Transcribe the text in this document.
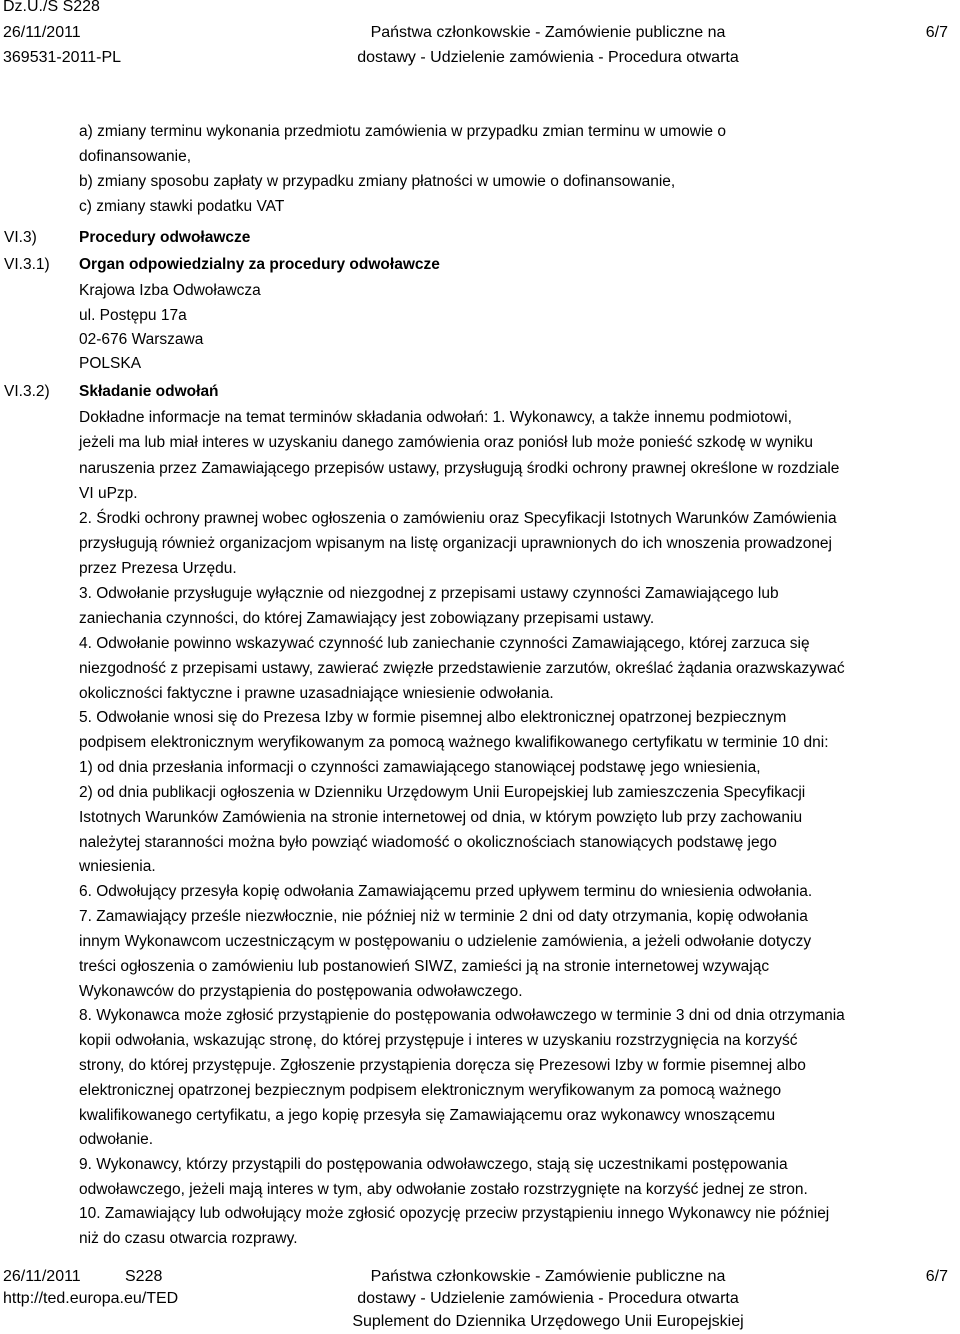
Dz.U./S S228
26/11/2011
369531-2011-PL
Państwa członkowskie - Zamówienie publiczne na
dostawy - Udzielenie zamówienia - Procedura otwarta
6/7
VI.3)
VI.3.1)
VI.3.2)
a) zmiany terminu wykonania przedmiotu zamówienia w przypadku zmian terminu w umowie o
dofinansowanie,
b) zmiany sposobu zapłaty w przypadku zmiany płatności w umowie o dofinansowanie,
c) zmiany stawki podatku VAT
Procedury odwoławcze
Organ odpowiedzialny za procedury odwoławcze
Krajowa Izba Odwoławcza
ul. Postępu 17a
02-676 Warszawa
POLSKA
Składanie odwołań
Dokładne informacje na temat terminów składania odwołań: 1. Wykonawcy, a także innemu podmiotowi,
jeżeli ma lub miał interes w uzyskaniu danego zamówienia oraz poniósł lub może ponieść szkodę w wyniku
naruszenia przez Zamawiającego przepisów ustawy, przysługują środki ochrony prawnej określone w rozdziale
VI uPzp.
2. Środki ochrony prawnej wobec ogłoszenia o zamówieniu oraz Specyfikacji Istotnych Warunków Zamówienia
przysługują również organizacjom wpisanym na listę organizacji uprawnionych do ich wnoszenia prowadzonej
przez Prezesa Urzędu.
3. Odwołanie przysługuje wyłącznie od niezgodnej z przepisami ustawy czynności Zamawiającego lub
zaniechania czynności, do której Zamawiający jest zobowiązany przepisami ustawy.
4. Odwołanie powinno wskazywać czynność lub zaniechanie czynności Zamawiającego, której zarzuca się
niezgodność z przepisami ustawy, zawierać zwięzłe przedstawienie zarzutów, określać żądania orazwskazywać
okoliczności faktyczne i prawne uzasadniające wniesienie odwołania.
5. Odwołanie wnosi się do Prezesa Izby w formie pisemnej albo elektronicznej opatrzonej bezpiecznym
podpisem elektronicznym weryfikowanym za pomocą ważnego kwalifikowanego certyfikatu w terminie 10 dni:
1) od dnia przesłania informacji o czynności zamawiającego stanowiącej podstawę jego wniesienia,
2) od dnia publikacji ogłoszenia w Dzienniku Urzędowym Unii Europejskiej lub zamieszczenia Specyfikacji
Istotnych Warunków Zamówienia na stronie internetowej od dnia, w którym powzięto lub przy zachowaniu
należytej staranności można było powziąć wiadomość o okolicznościach stanowiących podstawę jego
wniesienia.
6. Odwołujący przesyła kopię odwołania Zamawiającemu przed upływem terminu do wniesienia odwołania.
7. Zamawiający prześle niezwłocznie, nie później niż w terminie 2 dni od daty otrzymania, kopię odwołania
innym Wykonawcom uczestniczącym w postępowaniu o udzielenie zamówienia, a jeżeli odwołanie dotyczy
treści ogłoszenia o zamówieniu lub postanowień SIWZ, zamieści ją na stronie internetowej wzywając
Wykonawców do przystąpienia do postępowania odwoławczego.
8. Wykonawca może zgłosić przystąpienie do postępowania odwoławczego w terminie 3 dni od dnia otrzymania
kopii odwołania, wskazując stronę, do której przystępuje i interes w uzyskaniu rozstrzygnięcia na korzyść
strony, do której przystępuje. Zgłoszenie przystąpienia doręcza się Prezesowi Izby w formie pisemnej albo
elektronicznej opatrzonej bezpiecznym podpisem elektronicznym weryfikowanym za pomocą ważnego
kwalifikowanego certyfikatu, a jego kopię przesyła się Zamawiającemu oraz wykonawcy wnoszącemu
odwołanie.
9. Wykonawcy, którzy przystąpili do postępowania odwoławczego, stają się uczestnikami postępowania
odwoławczego, jeżeli mają interes w tym, aby odwołanie zostało rozstrzygnięte na korzyść jednej ze stron.
10. Zamawiający lub odwołujący może zgłosić opozycję przeciw przystąpieniu innego Wykonawcy nie później
niż do czasu otwarcia rozprawy.
26/11/2011	S228
http://ted.europa.eu/TED
Państwa członkowskie - Zamówienie publiczne na
dostawy - Udzielenie zamówienia - Procedura otwarta
Suplement do Dziennika Urzędowego Unii Europejskiej
6/7
